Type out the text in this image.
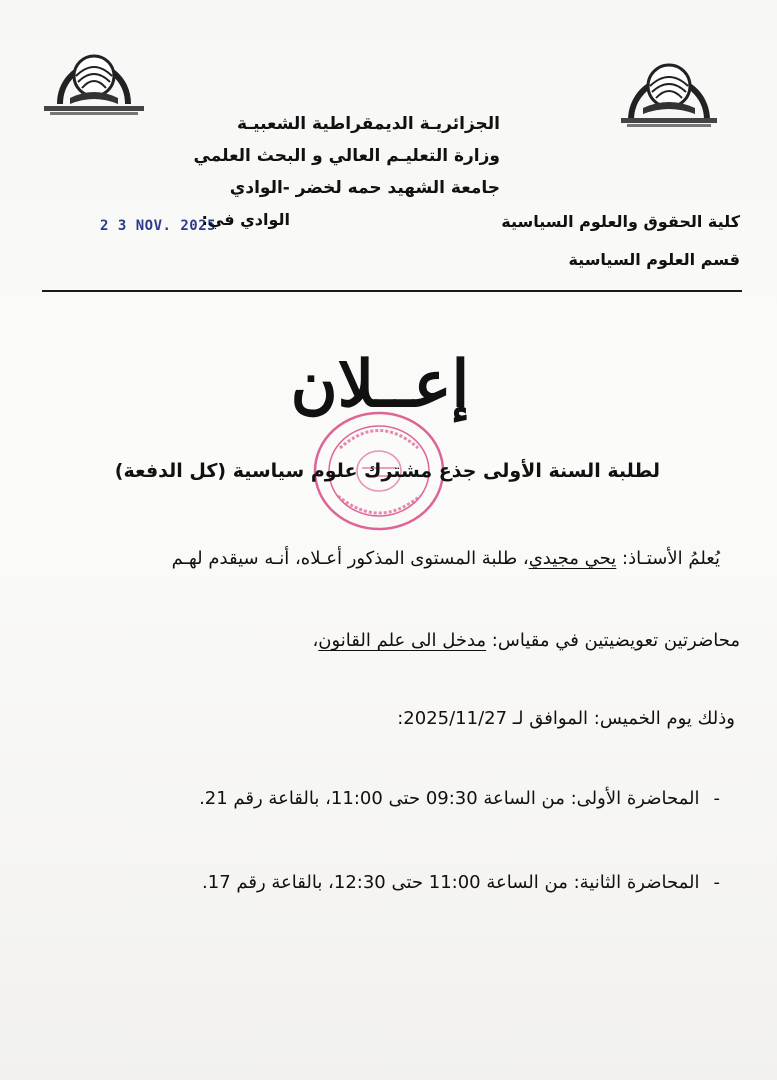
الجزائريـة الديمقراطية الشعبيـة
وزارة التعليـم العالي و البحث العلمي
جامعة الشهيد حمه لخضر -الوادي
2 3 NOV. 2025
الوادي في:	كلية الحقوق والعلوم السياسية
قسم العلوم السياسية
إعــلان
لطلبة السنة الأولى جذع مشترك علوم سياسية (كل الدفعة)
يُعلمُ الأستـاذ: يحي مجيدي، طلبة المستوى المذكور أعـلاه، أنـه سيقدم لهـم
محاضرتين تعويضيتين في مقياس: مدخل الى علم القانون،
وذلك يوم الخميس: الموافق لـ 2025/11/27:
-المحاضرة الأولى: من الساعة 09:30 حتى 11:00، بالقاعة رقم 21.
-المحاضرة الثانية: من الساعة 11:00 حتى 12:30، بالقاعة رقم 17.
